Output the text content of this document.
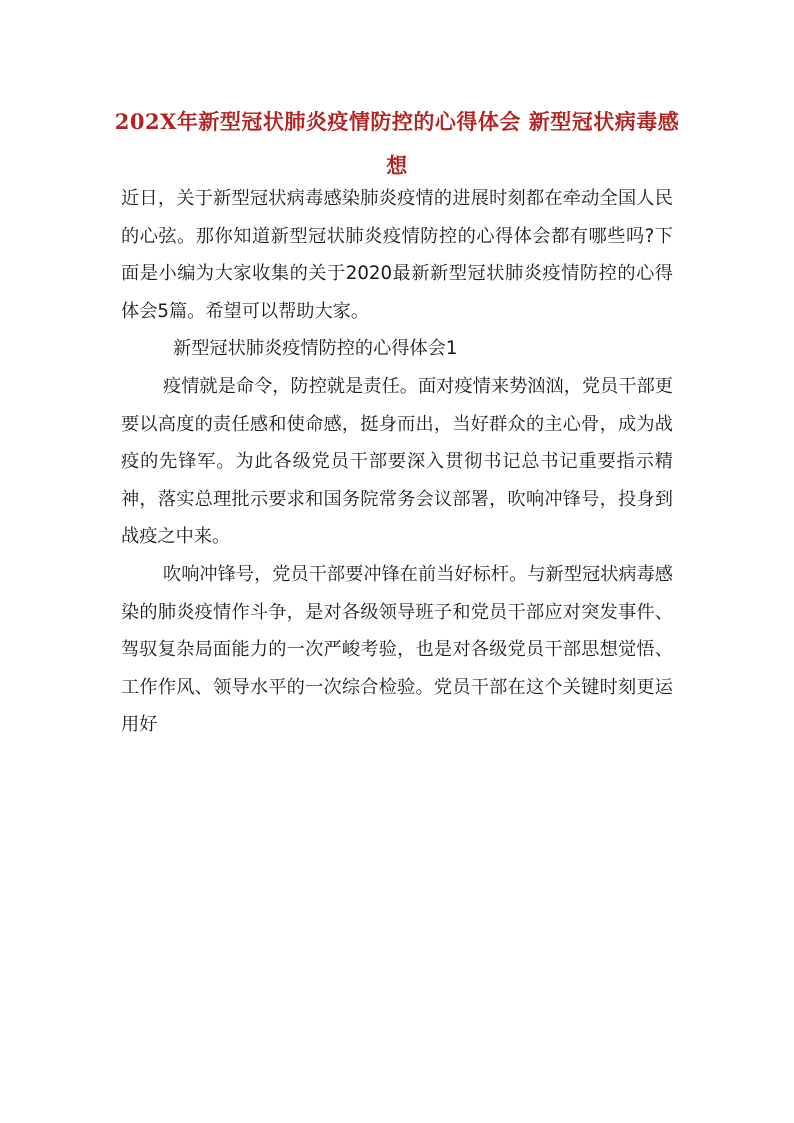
202X年新型冠状肺炎疫情防控的心得体会 新型冠状病毒感想

近日，关于新型冠状病毒感染肺炎疫情的进展时刻都在牵动全国人民的心弦。那你知道新型冠状肺炎疫情防控的心得体会都有哪些吗?下面是小编为大家收集的关于2020最新新型冠状肺炎疫情防控的心得体会5篇。希望可以帮助大家。

新型冠状肺炎疫情防控的心得体会1

疫情就是命令，防控就是责任。面对疫情来势汹汹，党员干部更要以高度的责任感和使命感，挺身而出，当好群众的主心骨，成为战疫的先锋军。为此各级党员干部要深入贯彻书记总书记重要指示精神，落实总理批示要求和国务院常务会议部署，吹响冲锋号，投身到战疫之中来。

吹响冲锋号，党员干部要冲锋在前当好标杆。与新型冠状病毒感染的肺炎疫情作斗争，是对各级领导班子和党员干部应对突发事件、驾驭复杂局面能力的一次严峻考验，也是对各级党员干部思想觉悟、工作作风、领导水平的一次综合检验。党员干部在这个关键时刻更运用好
